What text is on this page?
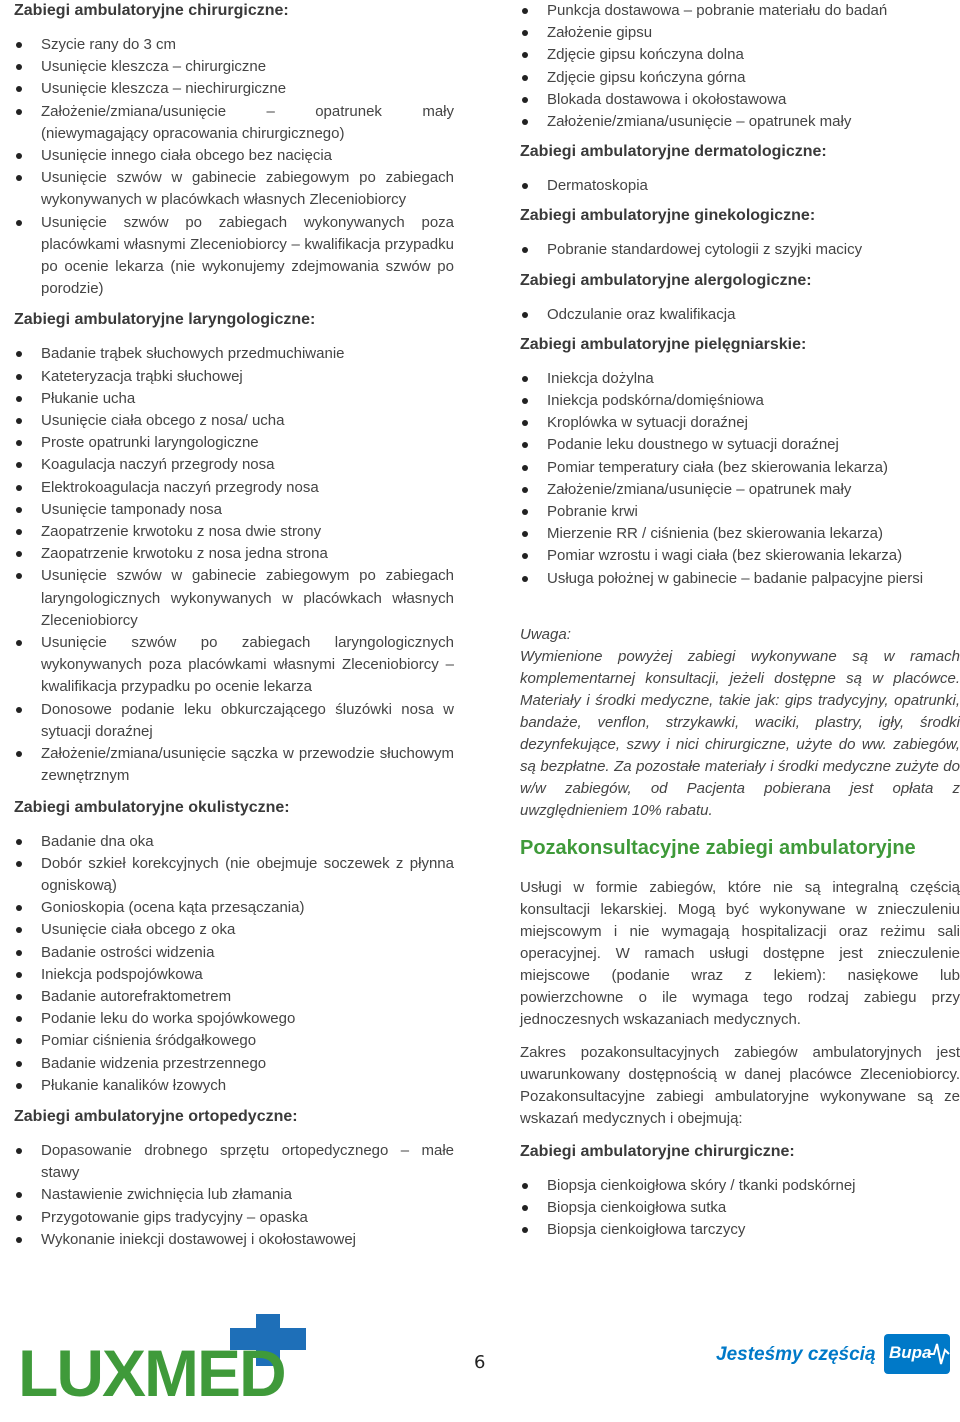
Zabiegi ambulatoryjne chirurgiczne:
Szycie rany do 3 cm
Usunięcie kleszcza – chirurgiczne
Usunięcie kleszcza – niechirurgiczne
Założenie/zmiana/usunięcie – opatrunek mały (niewymagający opracowania chirurgicznego)
Usunięcie innego ciała obcego bez nacięcia
Usunięcie szwów w gabinecie zabiegowym po zabiegach wykonywanych w placówkach własnych Zleceniobiorcy
Usunięcie szwów po zabiegach wykonywanych poza placówkami własnymi Zleceniobiorcy – kwalifikacja przypadku po ocenie lekarza (nie wykonujemy zdejmowania szwów po porodzie)
Zabiegi ambulatoryjne laryngologiczne:
Badanie trąbek słuchowych przedmuchiwanie
Kateteryzacja trąbki słuchowej
Płukanie ucha
Usunięcie ciała obcego z nosa/ ucha
Proste opatrunki laryngologiczne
Koagulacja naczyń przegrody nosa
Elektrokoagulacja naczyń przegrody nosa
Usunięcie tamponady nosa
Zaopatrzenie krwotoku z nosa dwie strony
Zaopatrzenie krwotoku z nosa jedna strona
Usunięcie szwów w gabinecie zabiegowym po zabiegach laryngologicznych wykonywanych w placówkach własnych Zleceniobiorcy
Usunięcie szwów po zabiegach laryngologicznych wykonywanych poza placówkami własnymi Zleceniobiorcy – kwalifikacja przypadku po ocenie lekarza
Donosowe podanie leku obkurczającego śluzówki nosa w sytuacji doraźnej
Założenie/zmiana/usunięcie sączka w przewodzie słuchowym zewnętrznym
Zabiegi ambulatoryjne okulistyczne:
Badanie dna oka
Dobór szkieł korekcyjnych (nie obejmuje soczewek z płynna ogniskową)
Gonioskopia (ocena kąta przesączania)
Usunięcie ciała obcego z oka
Badanie ostrości widzenia
Iniekcja podspojówkowa
Badanie autorefraktometrem
Podanie leku do worka spojówkowego
Pomiar ciśnienia śródgałkowego
Badanie widzenia przestrzennego
Płukanie kanalików łzowych
Zabiegi ambulatoryjne ortopedyczne:
Dopasowanie drobnego sprzętu ortopedycznego – małe stawy
Nastawienie zwichnięcia lub złamania
Przygotowanie gips tradycyjny – opaska
Wykonanie iniekcji dostawowej i okołostawowej
Punkcja dostawowa – pobranie materiału do badań
Założenie gipsu
Zdjęcie gipsu kończyna dolna
Zdjęcie gipsu kończyna górna
Blokada dostawowa i okołostawowa
Założenie/zmiana/usunięcie – opatrunek mały
Zabiegi ambulatoryjne dermatologiczne:
Dermatoskopia
Zabiegi ambulatoryjne ginekologiczne:
Pobranie standardowej cytologii z szyjki macicy
Zabiegi ambulatoryjne alergologiczne:
Odczulanie oraz kwalifikacja
Zabiegi ambulatoryjne pielęgniarskie:
Iniekcja dożylna
Iniekcja podskórna/domięśniowa
Kroplówka w sytuacji doraźnej
Podanie leku doustnego w sytuacji doraźnej
Pomiar temperatury ciała (bez skierowania lekarza)
Założenie/zmiana/usunięcie – opatrunek mały
Pobranie krwi
Mierzenie RR / ciśnienia (bez skierowania lekarza)
Pomiar wzrostu i wagi ciała (bez skierowania lekarza)
Usługa położnej w gabinecie – badanie palpacyjne piersi
Uwaga:
Wymienione powyżej zabiegi wykonywane są w ramach komplementarnej konsultacji, jeżeli dostępne są w placówce. Materiały i środki medyczne, takie jak: gips tradycyjny, opatrunki, bandaże, venflon, strzykawki, waciki, plastry, igły, środki dezynfekujące, szwy i nici chirurgiczne, użyte do ww. zabiegów, są bezpłatne. Za pozostałe materiały i środki medyczne zużyte do w/w zabiegów, od Pacjenta pobierana jest opłata z uwzględnieniem 10% rabatu.
Pozakonsultacyjne zabiegi ambulatoryjne
Usługi w formie zabiegów, które nie są integralną częścią konsultacji lekarskiej. Mogą być wykonywane w znieczuleniu miejscowym i nie wymagają hospitalizacji oraz reżimu sali operacyjnej. W ramach usługi dostępne jest znieczulenie miejscowe (podanie wraz z lekiem): nasiękowe lub powierzchowne o ile wymaga tego rodzaj zabiegu przy jednoczesnych wskazaniach medycznych.
Zakres pozakonsultacyjnych zabiegów ambulatoryjnych jest uwarunkowany dostępnością w danej placówce Zleceniobiorcy. Pozakonsultacyjne zabiegi ambulatoryjne wykonywane są ze wskazań medycznych i obejmują:
Zabiegi ambulatoryjne chirurgiczne:
Biopsja cienkoigłowa skóry / tkanki podskórnej
Biopsja cienkoigłowa sutka
Biopsja cienkoigłowa tarczycy
LUXMED	6	Jesteśmy częścią Bupa
